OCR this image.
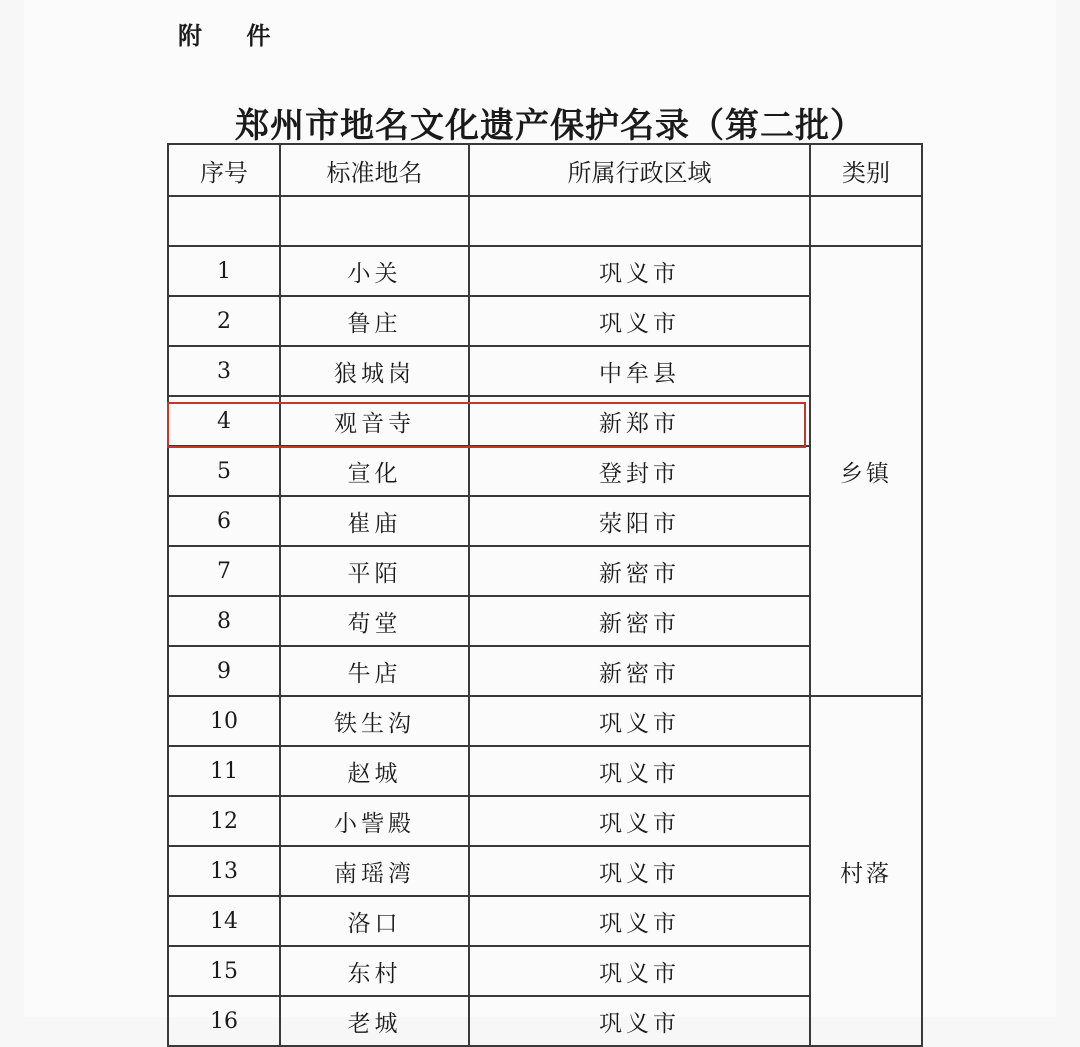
附 件
郑州市地名文化遗产保护名录（第二批）
序号	标准地名	所属行政区域	类别

1	小关	巩义市	乡镇
2	鲁庄	巩义市	
3	狼城岗	中牟县	
4	观音寺	新郑市	
5	宣化	登封市	
6	崔庙	荥阳市	
7	平陌	新密市	
8	苟堂	新密市	
9	牛店	新密市	
10	铁生沟	巩义市	村落
11	赵城	巩义市	
12	小訾殿	巩义市	
13	南瑶湾	巩义市	
14	洛口	巩义市	
15	东村	巩义市	
16	老城	巩义市	
